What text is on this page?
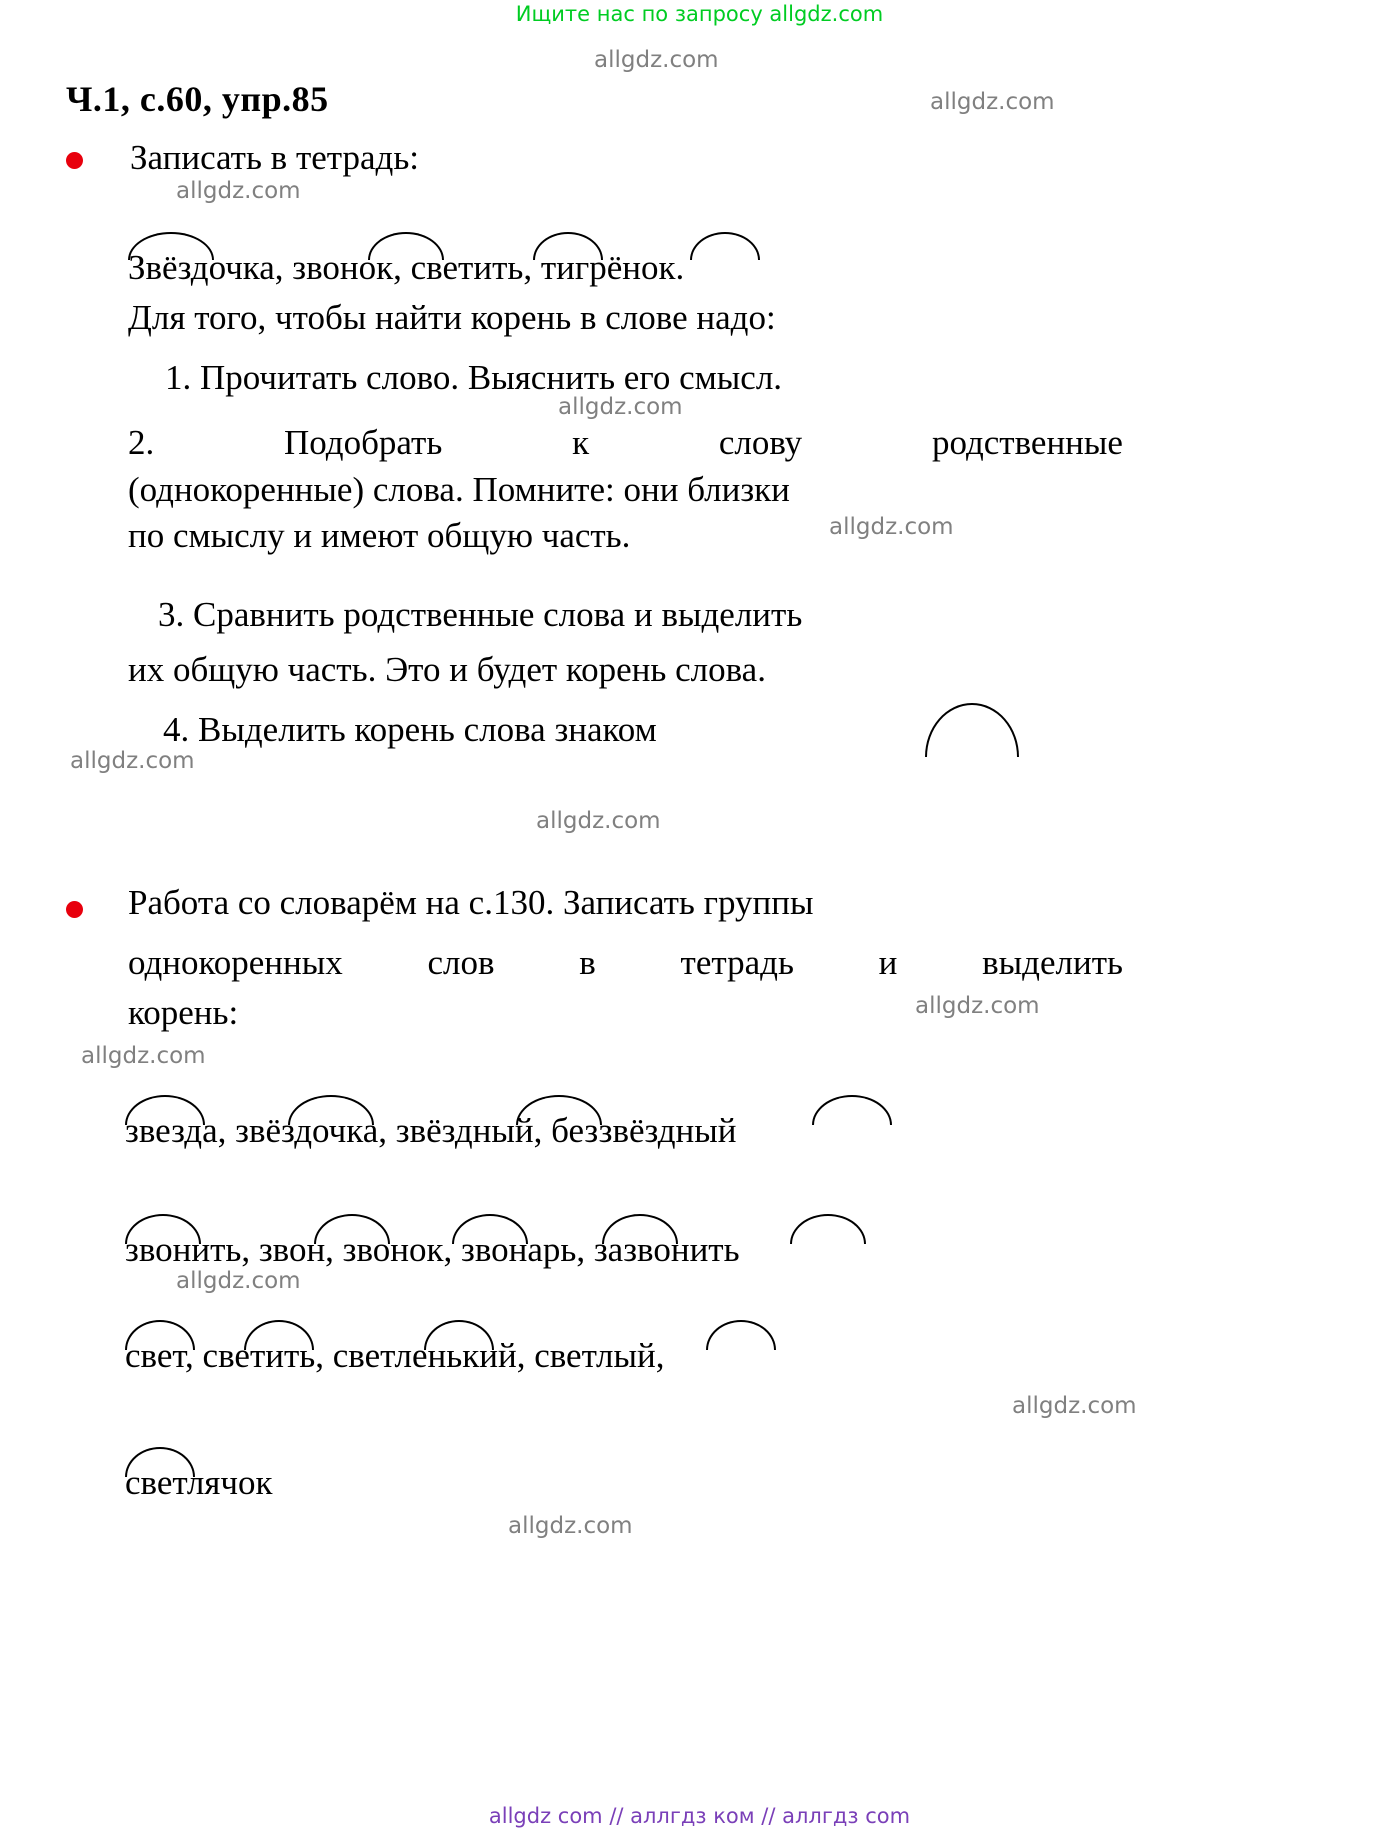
Ищите нас по запросу allgdz.com
allgdz.com
allgdz.com
allgdz.com
allgdz.com
allgdz.com
allgdz.com
allgdz.com
allgdz.com
allgdz.com
allgdz.com
allgdz.com
allgdz.com
Ч.1, с.60, упр.85
Записать в тетрадь:
Звёздочка, звонок, светить, тигрёнок.
Для того, чтобы найти корень в слове надо:
1. Прочитать слово. Выяснить его смысл.
2.	Подобрать	к	слову	родственные
(однокоренные) слова. Помните: они близки
по смыслу и имеют общую часть.
3. Сравнить родственные слова и выделить
их общую часть. Это и будет корень слова.
4. Выделить корень слова знаком
Работа со словарём на с.130. Записать группы
однокоренных слов в тетрадь и выделить
корень:
звезда, звёздочка, звёздный, беззвёздный
звонить, звон, звонок, звонарь, зазвонить
свет, светить, светленький, светлый,
светлячок
allgdz com // аллгдз ком // аллгдз com
